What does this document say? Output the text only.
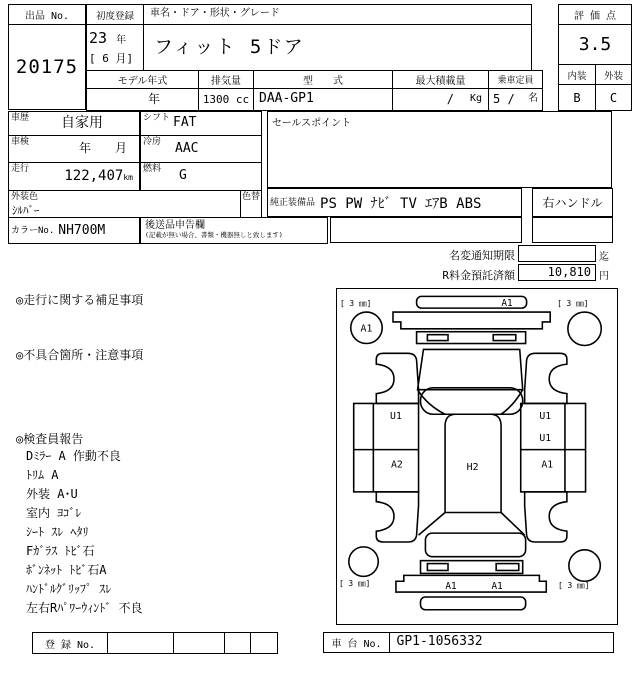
出品 No.
20175
初度登録
23 年
[ 6 月]
車名・ドア・形状・グレード
フィット 5ドア
モデル年式
年
排気量
1300 cc
型　　式
DAA-GP1
最大積載量
/ Kg
乗車定員
5 / 名
評 価 点
3.5
内装 外装
B C
車歴	自家用	シフト FAT
車検	年　　月	冷房	AAC
走行	122,407km
燃料	G
外装色
ｼﾙﾊﾞｰ
色替
カラーNo. NH700M	後送品申告欄
(記載が無い場合、書類・機器無しと致します)
セールスポイント
純正装備品 PS PW ﾅﾋﾞ TV ｴｱB ABS	右ハンドル
名変通知期限	迄
R料金預託済額	10,810 円
◎走行に関する補足事項
◎不具合箇所・注意事項
◎検査員報告
Dﾐﾗｰ A 作動不良
ﾄﾘﾑ A
外装 A･U
室内 ﾖｺﾞﾚ
ｼｰﾄ ｽﾚ ﾍﾀﾘ
Fｶﾞﾗｽ ﾄﾋﾞ石
ﾎﾞﾝﾈｯﾄ ﾄﾋﾞ石A
ﾊﾝﾄﾞﾙｸﾞﾘｯﾌﾟ ｽﾚ
左右Rﾊﾟﾜｰｳｨﾝﾄﾞ 不良
[ 3 ㎜]	[ 3 ㎜]
[ 3 ㎜]	[ 3 ㎜]
A1
A1
U1
A2	H2
U1
U1
A1
A1	A1
登 録 No.	車 台 No.	GP1-1056332
